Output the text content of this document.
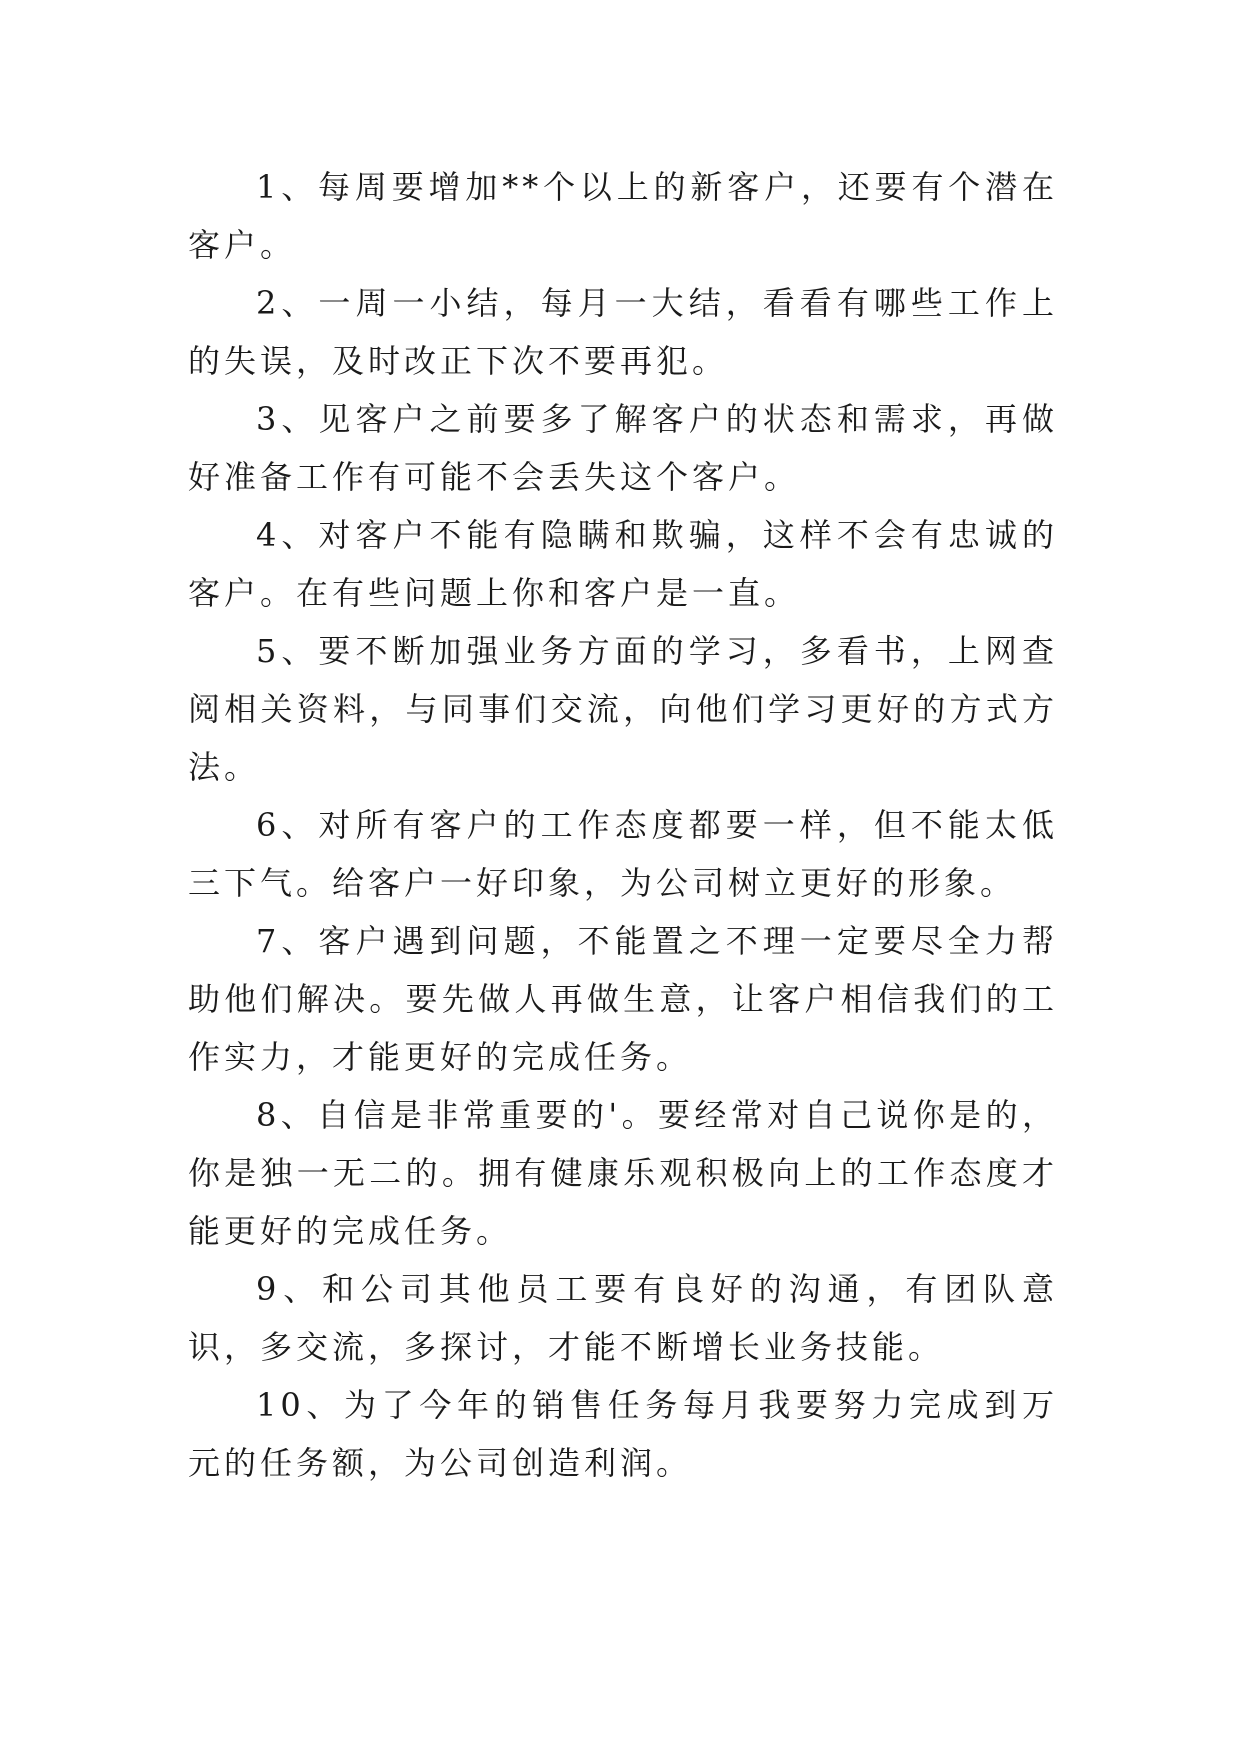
1、每周要增加**个以上的新客户，还要有个潜在客户。

2、一周一小结，每月一大结，看看有哪些工作上的失误，及时改正下次不要再犯。

3、见客户之前要多了解客户的状态和需求，再做好准备工作有可能不会丢失这个客户。

4、对客户不能有隐瞒和欺骗，这样不会有忠诚的客户。在有些问题上你和客户是一直。

5、要不断加强业务方面的学习，多看书，上网查阅相关资料，与同事们交流，向他们学习更好的方式方法。

6、对所有客户的工作态度都要一样，但不能太低三下气。给客户一好印象，为公司树立更好的形象。

7、客户遇到问题，不能置之不理一定要尽全力帮助他们解决。要先做人再做生意，让客户相信我们的工作实力，才能更好的完成任务。

8、自信是非常重要的'。要经常对自己说你是的，你是独一无二的。拥有健康乐观积极向上的工作态度才能更好的完成任务。

9、和公司其他员工要有良好的沟通，有团队意识，多交流，多探讨，才能不断增长业务技能。

10、为了今年的销售任务每月我要努力完成到万元的任务额，为公司创造利润。
